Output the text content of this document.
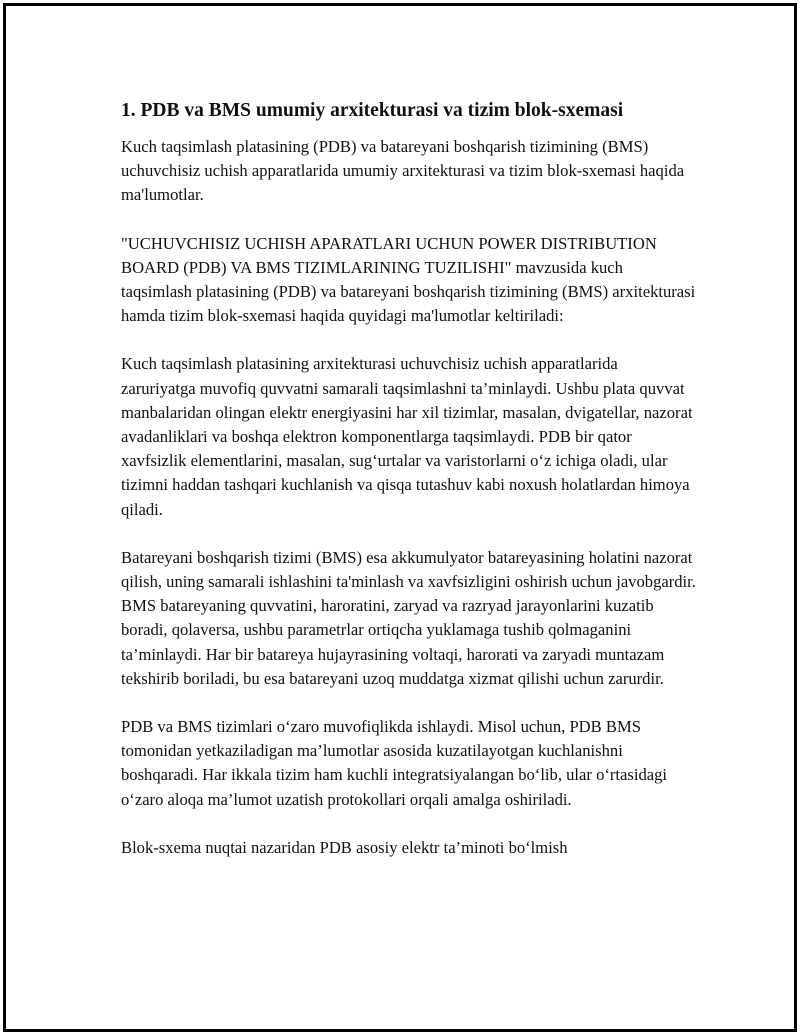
1. PDB va BMS umumiy arxitekturasi va tizim blok-sxemasi

Kuch taqsimlash platasining (PDB) va batareyani boshqarish tizimining (BMS) uchuvchisiz uchish apparatlarida umumiy arxitekturasi va tizim blok-sxemasi haqida ma'lumotlar.

"UCHUVCHISIZ UCHISH APARATLARI UCHUN POWER DISTRIBUTION BOARD (PDB) VA BMS TIZIMLARINING TUZILISHI" mavzusida kuch taqsimlash platasining (PDB) va batareyani boshqarish tizimining (BMS) arxitekturasi hamda tizim blok-sxemasi haqida quyidagi ma'lumotlar keltiriladi:

Kuch taqsimlash platasining arxitekturasi uchuvchisiz uchish apparatlarida zaruriyatga muvofiq quvvatni samarali taqsimlashni ta’minlaydi. Ushbu plata quvvat manbalaridan olingan elektr energiyasini har xil tizimlar, masalan, dvigatellar, nazorat avadanliklari va boshqa elektron komponentlarga taqsimlaydi. PDB bir qator xavfsizlik elementlarini, masalan, sug‘urtalar va varistorlarni o‘z ichiga oladi, ular tizimni haddan tashqari kuchlanish va qisqa tutashuv kabi noxush holatlardan himoya qiladi.

Batareyani boshqarish tizimi (BMS) esa akkumulyator batareyasining holatini nazorat qilish, uning samarali ishlashini ta'minlash va xavfsizligini oshirish uchun javobgardir. BMS batareyaning quvvatini, haroratini, zaryad va razryad jarayonlarini kuzatib boradi, qolaversa, ushbu parametrlar ortiqcha yuklamaga tushib qolmaganini ta’minlaydi. Har bir batareya hujayrasining voltaqi, harorati va zaryadi muntazam tekshirib boriladi, bu esa batareyani uzoq muddatga xizmat qilishi uchun zarurdir.

PDB va BMS tizimlari o‘zaro muvofiqlikda ishlaydi. Misol uchun, PDB BMS tomonidan yetkaziladigan ma’lumotlar asosida kuzatilayotgan kuchlanishni boshqaradi. Har ikkala tizim ham kuchli integratsiyalangan bo‘lib, ular o‘rtasidagi o‘zaro aloqa ma’lumot uzatish protokollari orqali amalga oshiriladi.

Blok-sxema nuqtai nazaridan PDB asosiy elektr ta’minoti bo‘lmish
